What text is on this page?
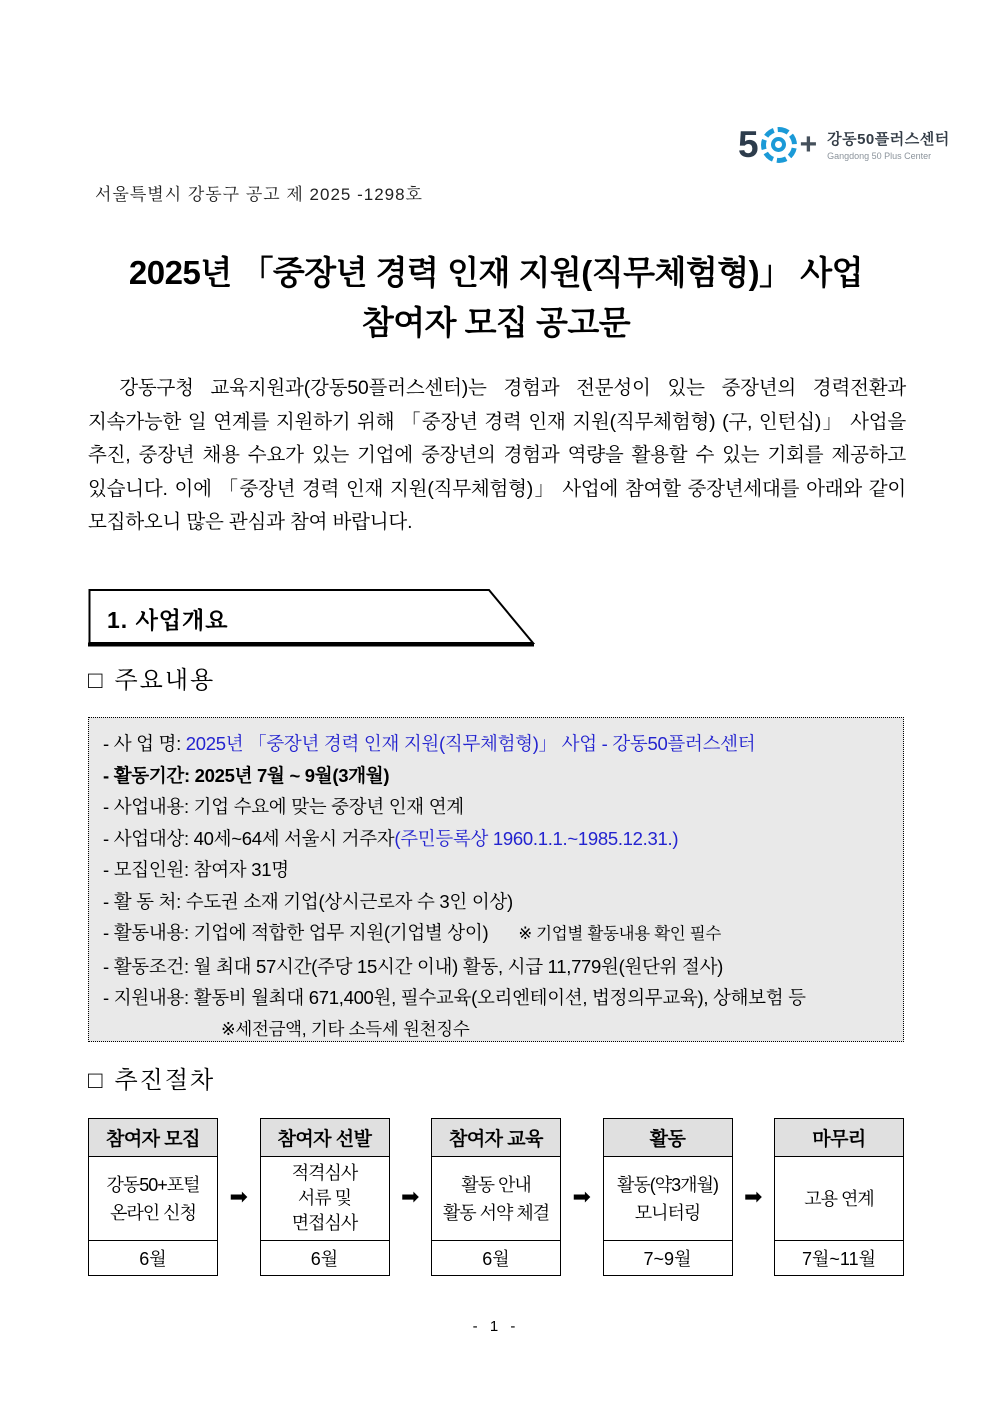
5 + 강동50플러스센터
Gangdong 50 Plus Center
서울특별시 강동구 공고 제 2025 -1298호
2025년 「중장년 경력 인재 지원(직무체험형)」 사업
참여자 모집 공고문

강동구청 교육지원과(강동50플러스센터)는 경험과 전문성이 있는 중장년의 경력전환과 지속가능한 일 연계를 지원하기 위해 「중장년 경력 인재 지원(직무체험형) (구, 인턴십)」 사업을 추진, 중장년 채용 수요가 있는 기업에 중장년의 경험과 역량을 활용할 수 있는 기회를 제공하고 있습니다. 이에 「중장년 경력 인재 지원(직무체험형)」 사업에 참여할 중장년세대를 아래와 같이 모집하오니 많은 관심과 참여 바랍니다.

1. 사업개요
□ 주요내용
- 사 업 명: 2025년 「중장년 경력 인재 지원(직무체험형)」 사업 - 강동50플러스센터
- 활동기간: 2025년 7월 ~ 9월(3개월)
- 사업내용: 기업 수요에 맞는 중장년 인재 연계
- 사업대상: 40세~64세 서울시 거주자(주민등록상 1960.1.1.~1985.12.31.)
- 모집인원: 참여자 31명
- 활 동 처: 수도권 소재 기업(상시근로자 수 3인 이상)
- 활동내용: 기업에 적합한 업무 지원(기업별 상이) ※ 기업별 활동내용 확인 필수
- 활동조건: 월 최대 57시간(주당 15시간 이내) 활동, 시급 11,779원(원단위 절사)
- 지원내용: 활동비 월최대 671,400원, 필수교육(오리엔테이션, 법정의무교육), 상해보험 등
※세전금액, 기타 소득세 원천징수
□ 추진절차
참여자 모집
강동50+포털
온라인 신청
6월
➡
참여자 선발
적격심사
서류 및
면접심사
6월
➡
참여자 교육
활동 안내
활동 서약 체결
6월
➡
활동
활동(약3개월)
모니터링
7~9월
➡
마무리
고용 연계
7월~11월
- 1 -
